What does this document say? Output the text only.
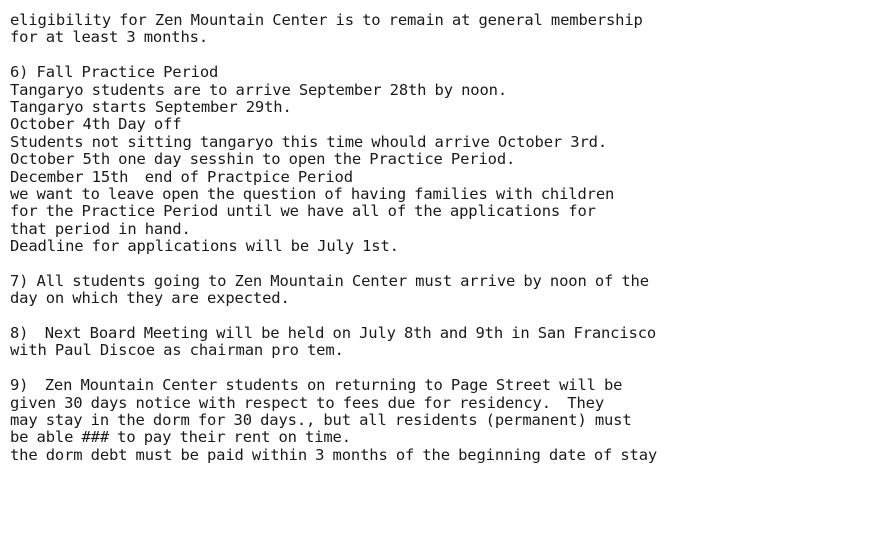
eligibility for Zen Mountain Center is to remain at general membership
for at least 3 months.
6) Fall Practice Period
Tangaryo students are to arrive September 28th by noon.
Tangaryo starts September 29th.
October 4th Day off
Students not sitting tangaryo this time whould arrive October 3rd.
October 5th one day sesshin to open the Practice Period.
December 15th  end of Practpice Period
we want to leave open the question of having families with children
for the Practice Period until we have all of the applications for
that period in hand.
Deadline for applications will be July 1st.
7) All students going to Zen Mountain Center must arrive by noon of the
day on which they are expected.
8)  Next Board Meeting will be held on July 8th and 9th in San Francisco
with Paul Discoe as chairman pro tem.
9)  Zen Mountain Center students on returning to Page Street will be
given 30 days notice with respect to fees due for residency.  They
may stay in the dorm for 30 days., but all residents (permanent) must
be able ### to pay their rent on time.
the dorm debt must be paid within 3 months of the beginning date of stay
